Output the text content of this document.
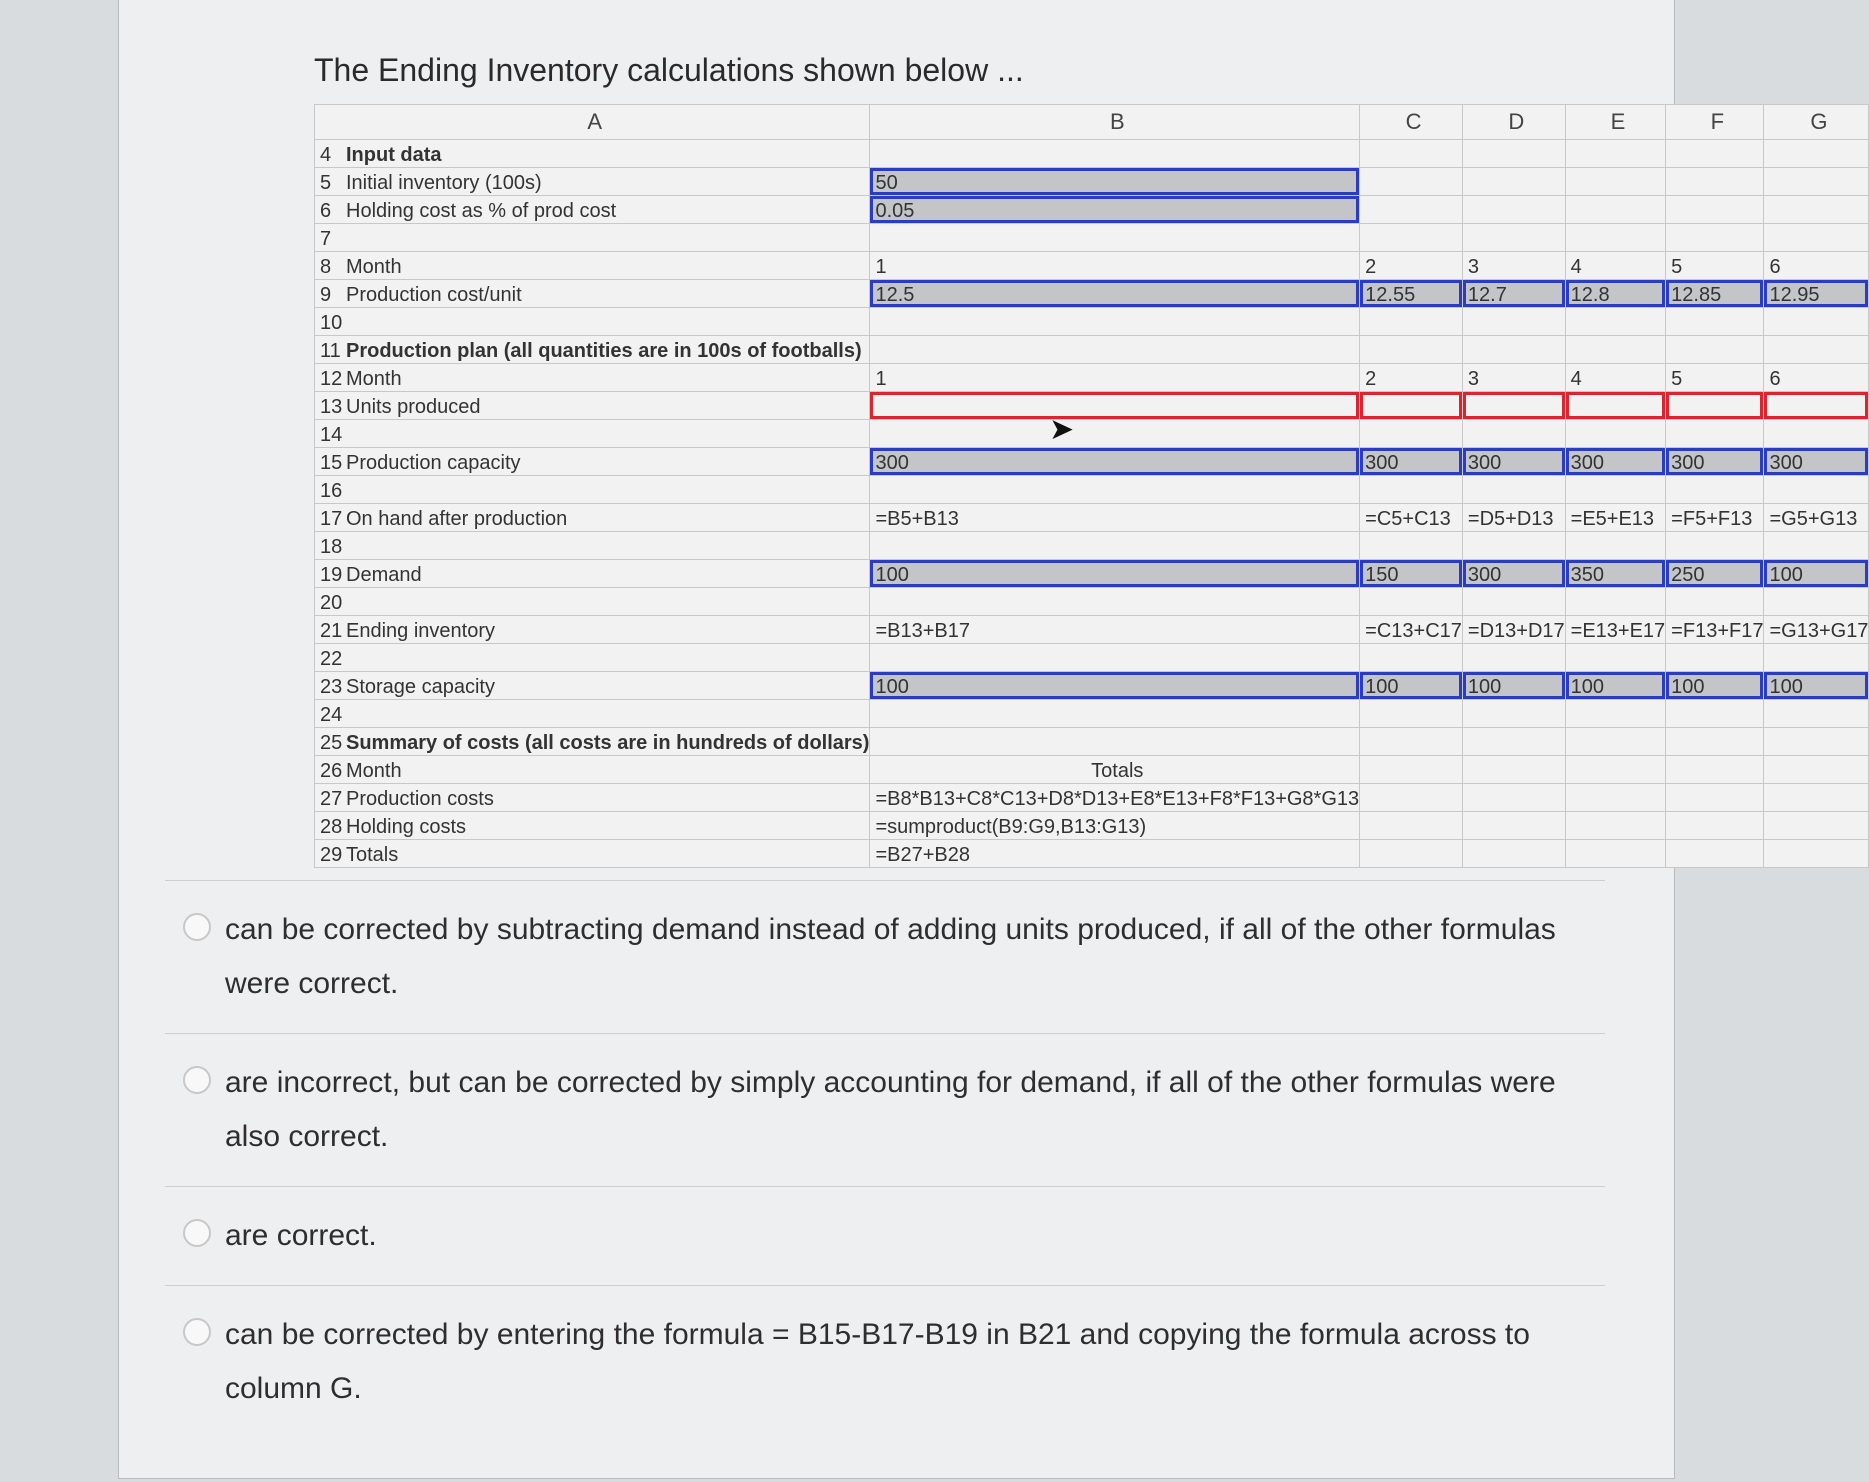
The Ending Inventory calculations shown below ...
A	B	C	D	E	F	G
4 Input data						
5 Initial inventory (100s)	50					
6 Holding cost as % of prod cost	0.05					
7						
8 Month	1	2	3	4	5	6
9 Production cost/unit	12.5	12.55	12.7	12.8	12.85	12.95
10						
11 Production plan (all quantities are in 100s of footballs)						
12 Month	1	2	3	4	5	6
13 Units produced						
14						
15 Production capacity	300	300	300	300	300	300
16						
17 On hand after production	=B5+B13	=C5+C13	=D5+D13	=E5+E13	=F5+F13	=G5+G13
18						
19 Demand	100	150	300	350	250	100
20						
21 Ending inventory	=B13+B17	=C13+C17	=D13+D17	=E13+E17	=F13+F17	=G13+G17
22						
23 Storage capacity	100	100	100	100	100	100
24						
25 Summary of costs (all costs are in hundreds of dollars)						
26 Month	Totals					
27 Production costs	=B8*B13+C8*C13+D8*D13+E8*E13+F8*F13+G8*G13					
28 Holding costs	=sumproduct(B9:G9,B13:G13)					
29 Totals	=B27+B28					
➤
can be corrected by subtracting demand instead of adding units produced, if all of the other formulas were correct.
are incorrect, but can be corrected by simply accounting for demand, if all of the other formulas were also correct.
are correct.
can be corrected by entering the formula = B15-B17-B19 in B21 and copying the formula across to column G.
